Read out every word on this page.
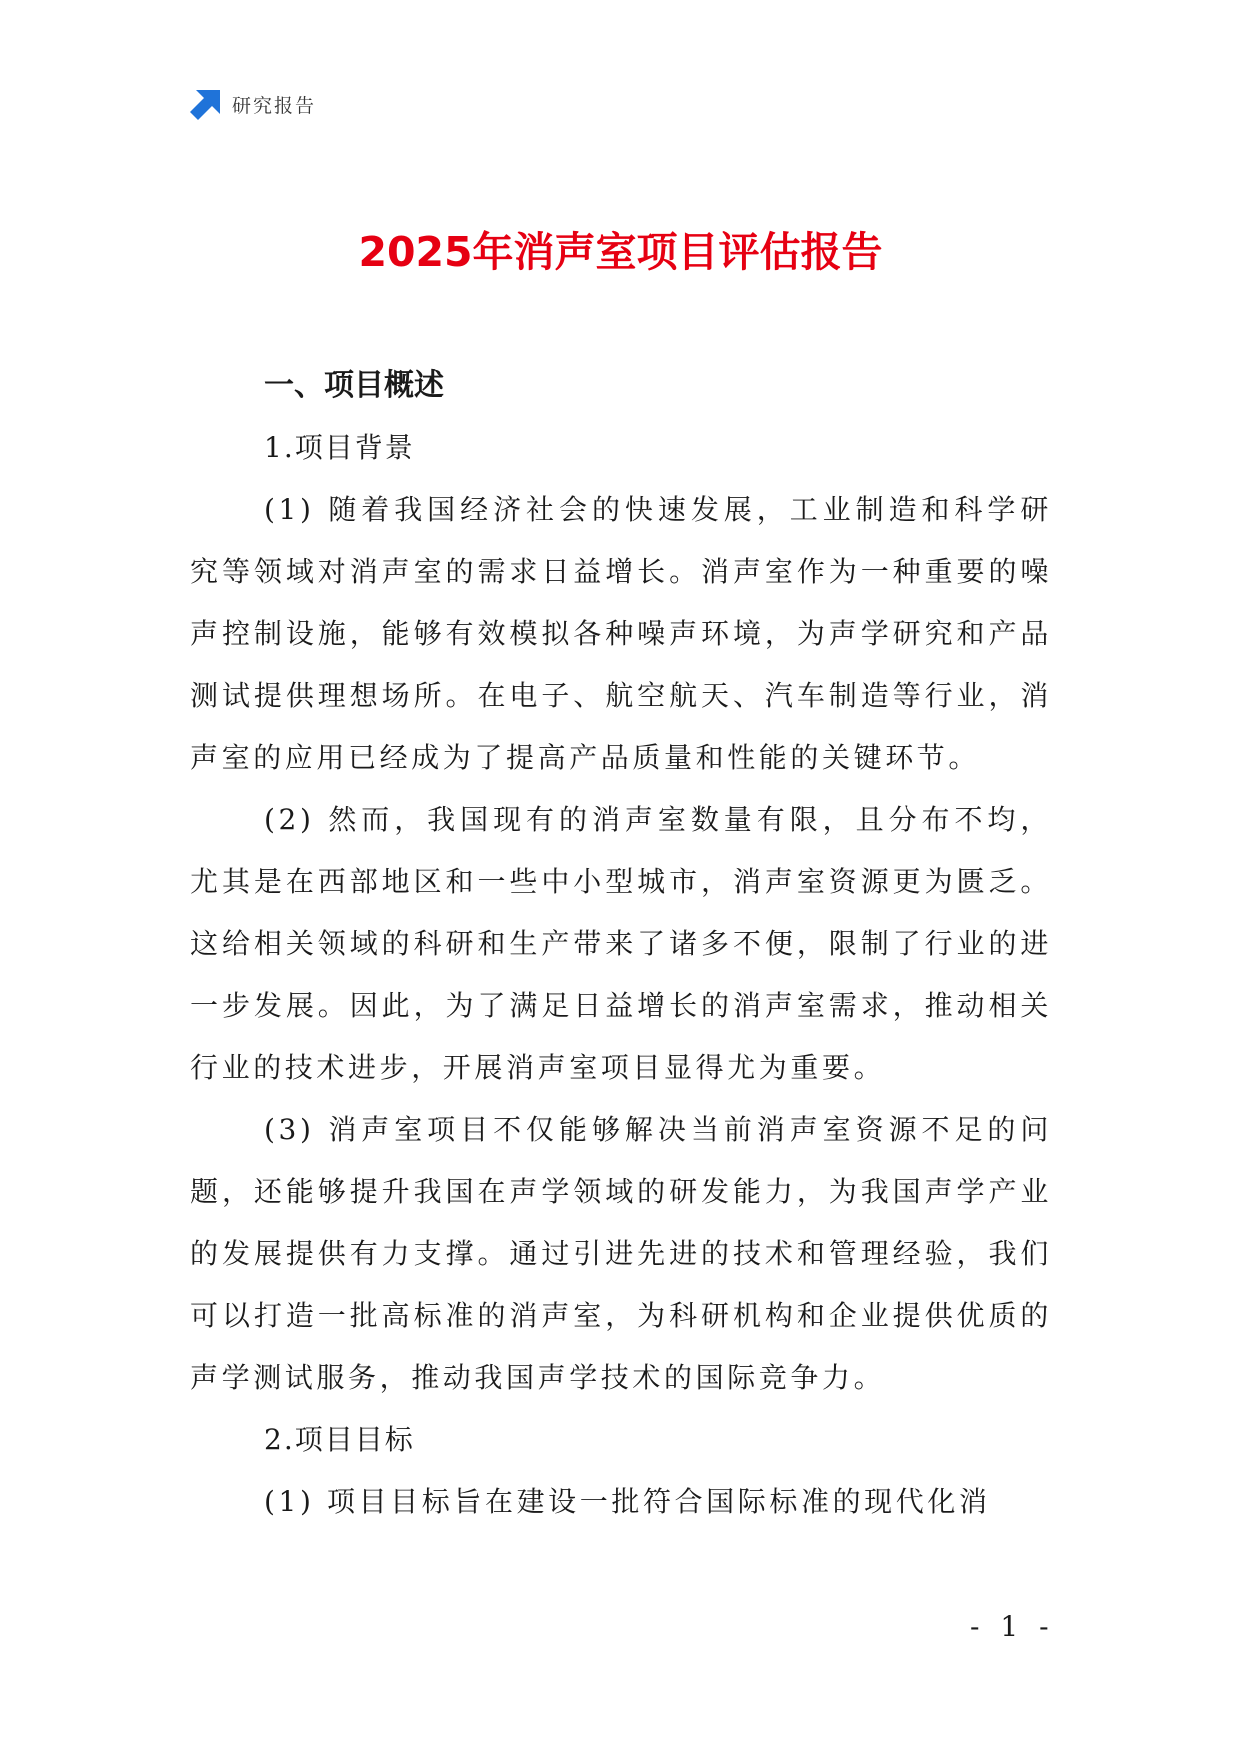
研究报告
2025年消声室项目评估报告

一、项目概述

1.项目背景

(1) 随着我国经济社会的快速发展，工业制造和科学研究等领域对消声室的需求日益增长。消声室作为一种重要的噪声控制设施，能够有效模拟各种噪声环境，为声学研究和产品测试提供理想场所。在电子、航空航天、汽车制造等行业，消声室的应用已经成为了提高产品质量和性能的关键环节。

(2) 然而，我国现有的消声室数量有限，且分布不均，尤其是在西部地区和一些中小型城市，消声室资源更为匮乏。这给相关领域的科研和生产带来了诸多不便，限制了行业的进一步发展。因此，为了满足日益增长的消声室需求，推动相关行业的技术进步，开展消声室项目显得尤为重要。

(3) 消声室项目不仅能够解决当前消声室资源不足的问题，还能够提升我国在声学领域的研发能力，为我国声学产业的发展提供有力支撑。通过引进先进的技术和管理经验，我们可以打造一批高标准的消声室，为科研机构和企业提供优质的声学测试服务，推动我国声学技术的国际竞争力。

2.项目目标

(1) 项目目标旨在建设一批符合国际标准的现代化消

- 1 -
